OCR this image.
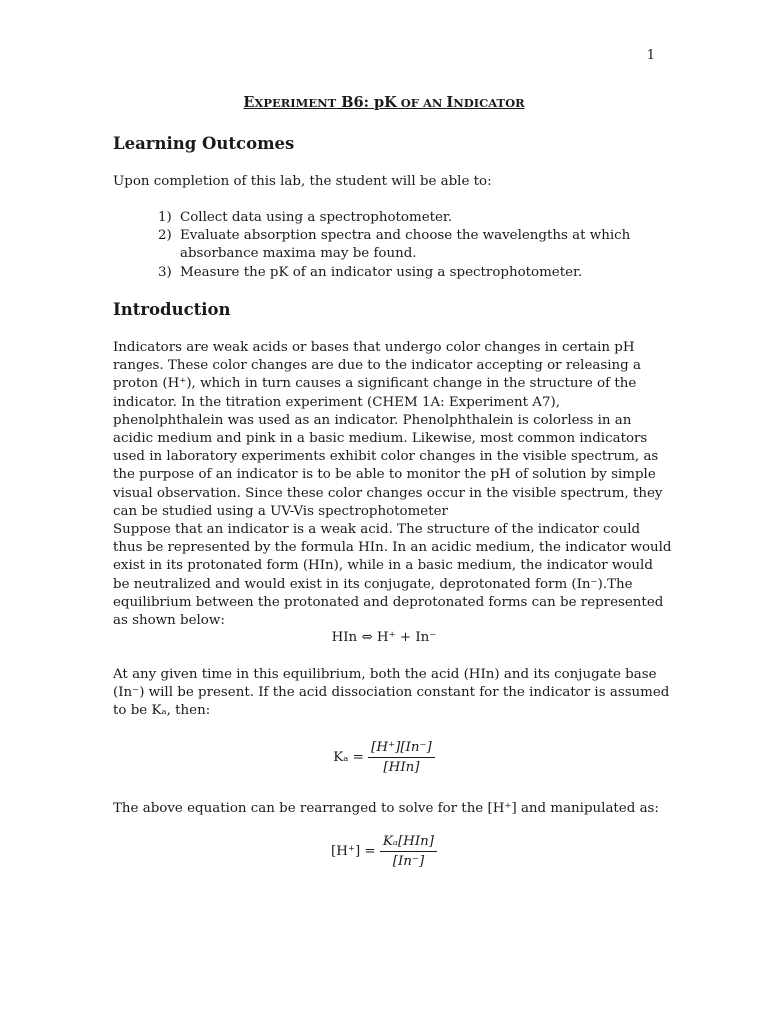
1
EXPERIMENT B6: pK OF AN INDICATOR
Learning Outcomes
Upon completion of this lab, the student will be able to:
1) Collect data using a spectrophotometer.
2) Evaluate absorption spectra and choose the wavelengths at which absorbance maxima may be found.
3) Measure the pK of an indicator using a spectrophotometer.
Introduction
Indicators are weak acids or bases that undergo color changes in certain pH ranges. These color changes are due to the indicator accepting or releasing a proton (H⁺), which in turn causes a significant change in the structure of the indicator. In the titration experiment (CHEM 1A: Experiment A7), phenolphthalein was used as an indicator. Phenolphthalein is colorless in an acidic medium and pink in a basic medium. Likewise, most common indicators used in laboratory experiments exhibit color changes in the visible spectrum, as the purpose of an indicator is to be able to monitor the pH of solution by simple visual observation. Since these color changes occur in the visible spectrum, they can be studied using a UV-Vis spectrophotometer
Suppose that an indicator is a weak acid. The structure of the indicator could thus be represented by the formula HIn. In an acidic medium, the indicator would exist in its protonated form (HIn), while in a basic medium, the indicator would be neutralized and would exist in its conjugate, deprotonated form (In⁻).The equilibrium between the protonated and deprotonated forms can be represented as shown below:
HIn ⇔ H⁺ + In⁻
At any given time in this equilibrium, both the acid (HIn) and its conjugate base (In⁻) will be present. If the acid dissociation constant for the indicator is assumed to be Kₐ, then:
$K_a = \frac{[H^+][In^-]}{\text{[HIn]}}$
The above equation can be rearranged to solve for the [H⁺] and manipulated as:
$[H^+] = \frac{\text{Kₐ[HIn]}}{[In^-]}$
